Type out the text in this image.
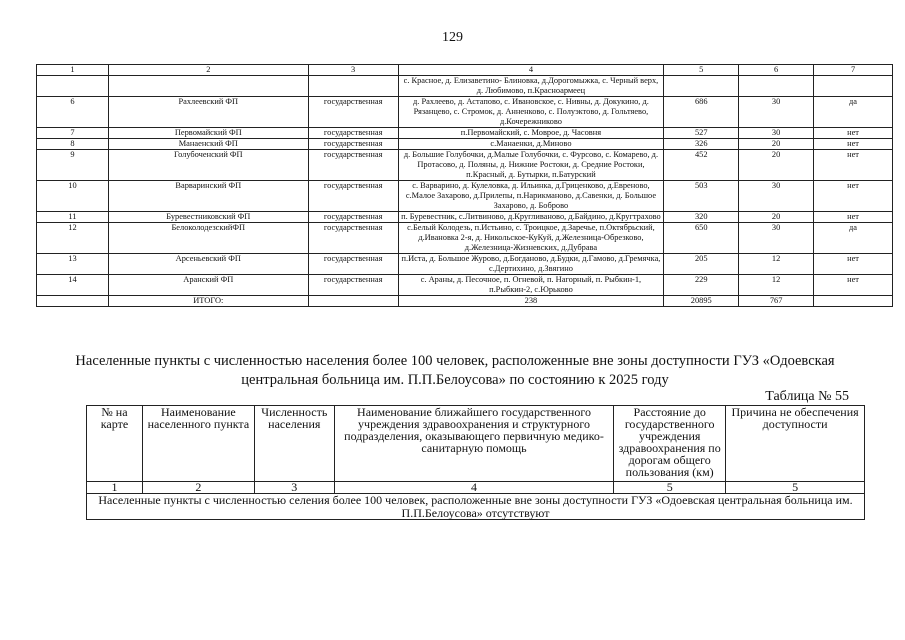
129
1	2	3	4	5	6	7
			с. Красное, д. Елизаветино- Блиновка, д.Дорогомыжка, с. Черный верх, д. Любимово, п.Красноармеец			
6	Рахлеевский ФП	государственная	д. Рахлеево, д. Астапово, с. Ивановское, с. Нивны, д. Докукино, д. Рязанцево, с. Стромок, д. Анненково, с. Полуэктово, д. Гольтяево, д.Кочережниково	686	30	да
7	Первомайский ФП	государственная	п.Первомайский, с. Моврое, д. Часовня	527	30	нет
8	Манаенский ФП	государственная	с.Манаенки, д.Миново	326	20	нет
9	Голубоченский ФП	государственная	д. Большие Голубочки, д.Малые Голубочки, с. Фурсово, с. Комарево, д. Протасово, д. Поляны, д. Нижние Ростоки, д. Средние Ростоки, п.Красный, д. Бутырки, п.Батурский	452	20	нет
10	Варваринский ФП	государственная	с. Варварино, д. Кулеловка, д. Ильинка, д.Гриценково, д.Евреново, с.Малое Захарово, д.Прилепы, п.Нарикманово, д.Савенки, д. Большое Захарово, д. Боброво	503	30	нет
11	Буревестниковский ФП	государственная	п. Буревестник, с.Литвиново, д.Кругливаново, д.Байдино, д.Кругтрахово	320	20	нет
12	БелоколодезскийФП	государственная	с.Белый Колодезь, п.Истьино, с. Троицкое, д.Заречье, п.Октябрьский, д.Ивановка 2-я, д. Никольское-КуКуй, д.Железница-Обрезково, д.Железница-Жизневских, д.Дубрава	650	30	да
13	Арсеньевский ФП	государственная	п.Иста, д. Большое Журово, д.Богданово, д.Будки, д.Гамово, д.Гремячка, с.Дертихино, д.Звягино	205	12	нет
14	Аранский ФП	государственная	с. Араны, д. Песочное, п. Огневой, п. Нагорный, п. Рыбкин-1, п.Рыбкин-2, с.Юрьково	229	12	нет
	ИТОГО:		238	20895	767	
Населенные пункты с численностью населения более 100 человек, расположенные вне зоны доступности ГУЗ «Одоевская центральная больница им. П.П.Белоусова» по состоянию к 2025 году
Таблица № 55
№ на карте	Наименование населенного пункта	Численность населения	Наименование ближайшего государственного учреждения здравоохранения и структурного подразделения, оказывающего первичную медико-санитарную помощь	Расстояние до государственного учреждения здравоохранения по дорогам общего пользования (км)	Причина не обеспечения доступности
1	2	3	4	5	5
Населенные пункты с численностью селения более 100 человек, расположенные вне зоны доступности ГУЗ «Одоевская центральная больница им. П.П.Белоусова» отсутствуют					
